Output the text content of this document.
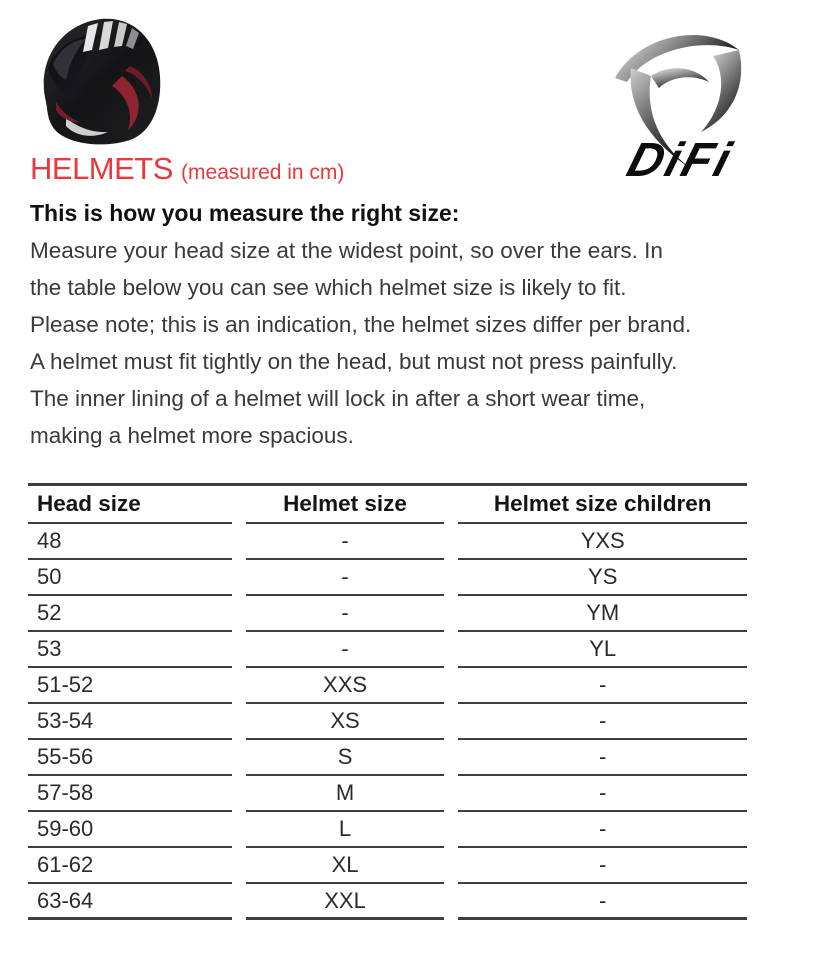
DiFi
HELMETS (measured in cm)
This is how you measure the right size:
Measure your head size at the widest point, so over the ears. In
the table below you can see which helmet size is likely to fit.
Please note; this is an indication, the helmet sizes differ per brand.
A helmet must fit tightly on the head, but must not press painfully.
The inner lining of a helmet will lock in after a short wear time,
making a helmet more spacious.
Head size	Helmet size	Helmet size children
48	-	YXS
50	-	YS
52	-	YM
53	-	YL
51-52	XXS	-
53-54	XS	-
55-56	S	-
57-58	M	-
59-60	L	-
61-62	XL	-
63-64	XXL	-
